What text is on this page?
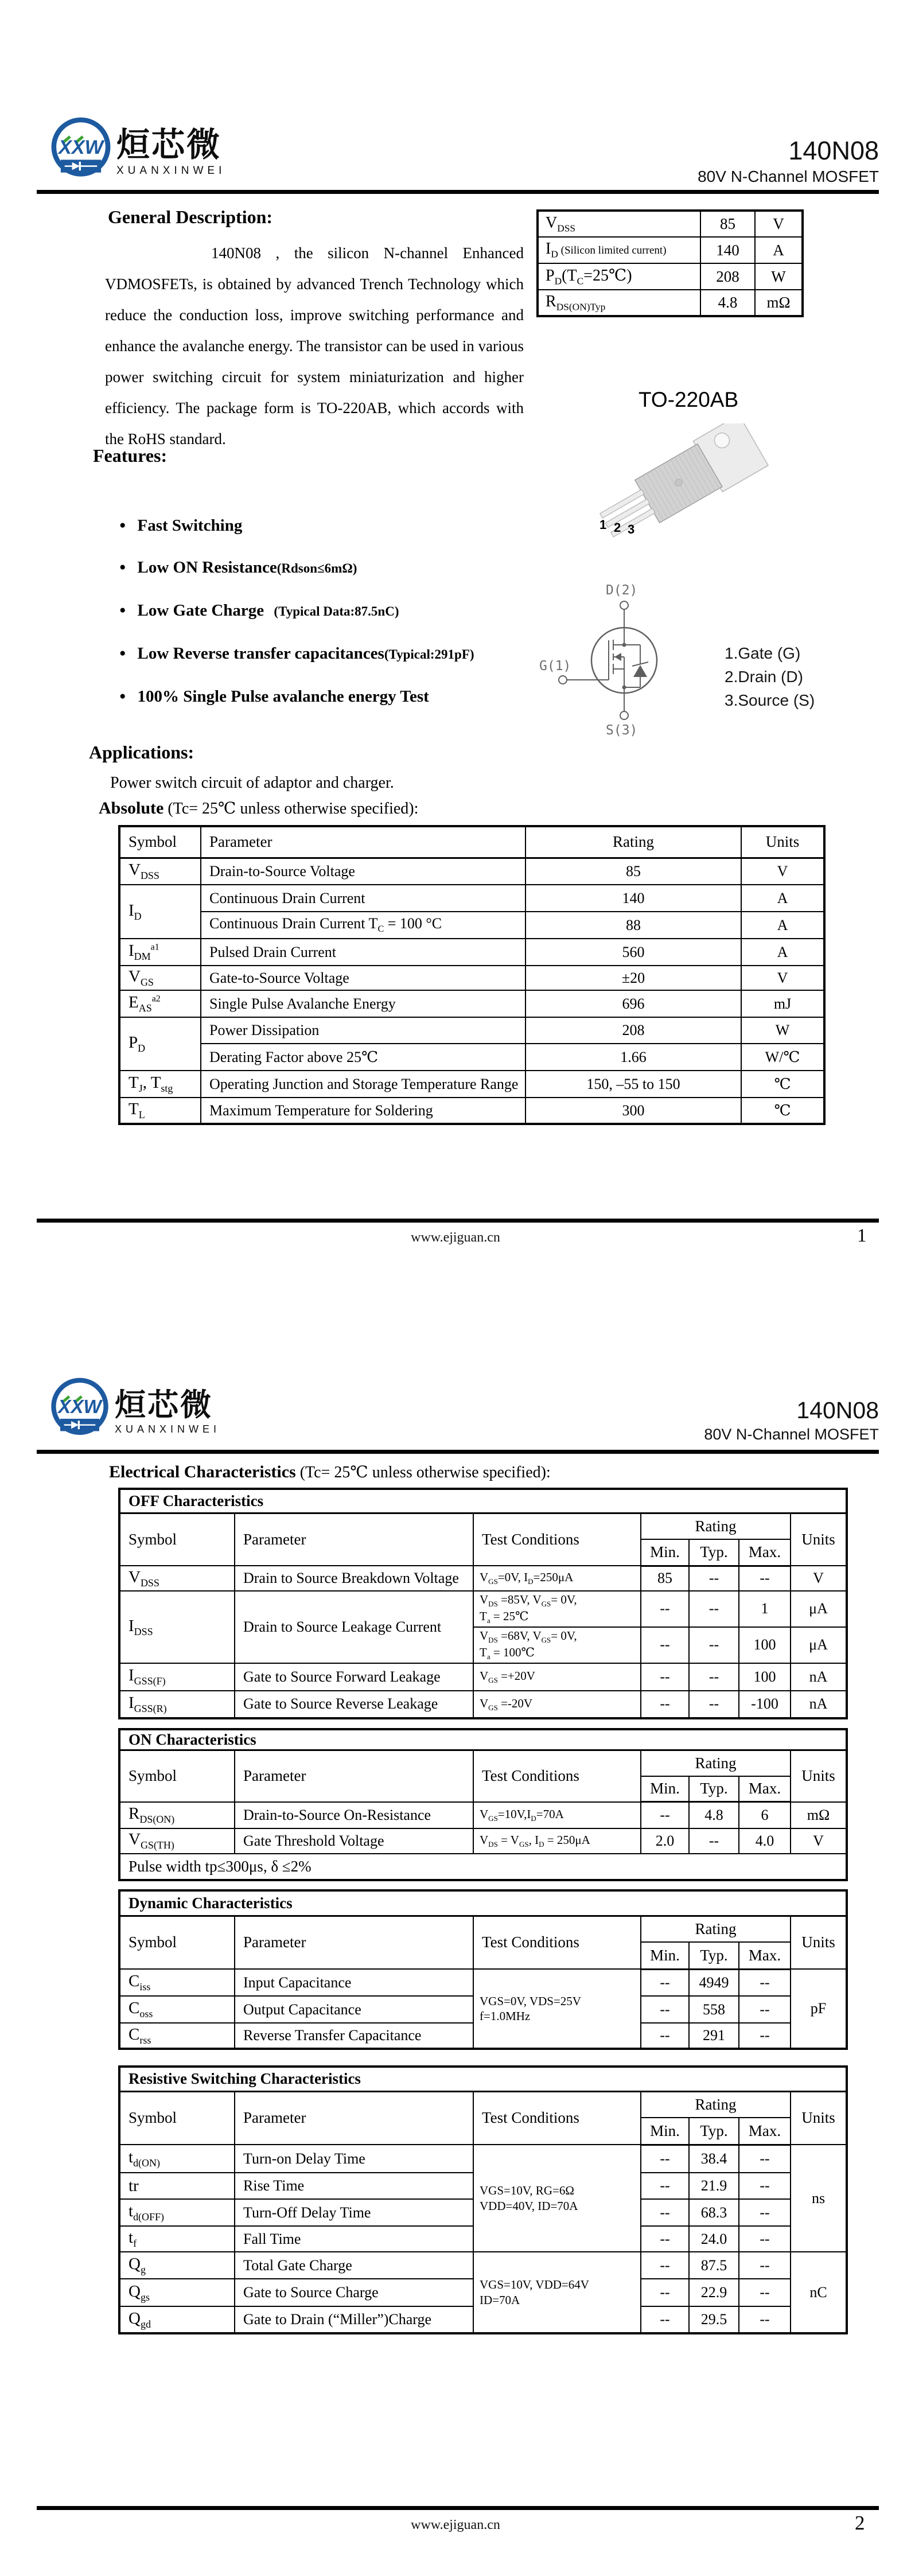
XXW 烜芯微
XUANXINWEI
140N08
80V N-Channel MOSFET
General Description:
140N08 , the silicon N-channel Enhanced VDMOSFETs, is obtained by advanced Trench Technology which reduce the conduction loss, improve switching performance and enhance the avalanche energy. The transistor can be used in various power switching circuit for system miniaturization and higher efficiency. The package form is TO-220AB, which accords with the RoHS standard.
$V_{DSS}$	85	V
$I_D$ (Silicon limited current)	140	A
$P_D(T_C=25℃)$	208	W
$R_{DS(ON)Typ}$	4.8	mΩ
TO-220AB
1 2 3
Features:
● Fast Switching
● Low ON Resistance(Rdson≤6mΩ)
● Low Gate Charge   (Typical Data:87.5nC)
● Low Reverse transfer capacitances(Typical:291pF)
● 100% Single Pulse avalanche energy Test
D(2)
G(1)
S(3)
1.Gate (G)
2.Drain (D)
3.Source (S)
Applications:
Power switch circuit of adaptor and charger.
Absolute (Tc= 25℃ unless otherwise specified):
Symbol	Parameter	Rating	Units
$V_{DSS}$	Drain-to-Source Voltage	85	V
$I_D$	Continuous Drain Current	140	A
	Continuous Drain Current $T_C = 100$ °C	88	A
$I_{DM}^{a1}$	Pulsed Drain Current	560	A
$V_{GS}$	Gate-to-Source Voltage	±20	V
$E_{AS}^{a2}$	Single Pulse Avalanche Energy	696	mJ
$P_D$	Power Dissipation	208	W
	Derating Factor above 25℃	1.66	W/℃
$T_J$, $T_{stg}$	Operating Junction and Storage Temperature Range	150, –55 to 150	℃
$T_L$	Maximum Temperature for Soldering	300	℃
www.ejiguan.cn	1
XXW 烜芯微
XUANXINWEI
140N08
80V N-Channel MOSFET
Electrical Characteristics (Tc= 25℃ unless otherwise specified):
OFF Characteristics						
Symbol	Parameter	Test Conditions	Rating			Units
			Min.	Typ.	Max.	
$V_{DSS}$	Drain to Source Breakdown Voltage	$V_{GS}=0V$, $I_D=250\mu A$	85	--	--	V
$I_{DSS}$	Drain to Source Leakage Current	$V_{DS} =85V$, $V_{GS}= 0V$,
$T_a$ = 25℃	--	--	1	μA
		$V_{DS} =68V$, $V_{GS}= 0V$,
$T_a$ = 100℃	--	--	100	μA
$I_{GSS(F)}$	Gate to Source Forward Leakage	$V_{GS} =+20V$	--	--	100	nA
$I_{GSS(R)}$	Gate to Source Reverse Leakage	$V_{GS} =-20V$	--	--	-100	nA
ON Characteristics						
Symbol	Parameter	Test Conditions	Rating			Units
			Min.	Typ.	Max.	
$R_{DS(ON)}$	Drain-to-Source On-Resistance	$V_{GS}=10V,I_D=70A$	--	4.8	6	mΩ
$V_{GS(TH)}$	Gate Threshold Voltage	$V_{DS} = V_{GS}$, $I_D = 250\mu A$	2.0	--	4.0	V
Pulse width tp≤300μs, δ ≤2%						
Dynamic Characteristics						
Symbol	Parameter	Test Conditions	Rating			Units
			Min.	Typ.	Max.	
$C_{iss}$	Input Capacitance	VGS=0V, VDS=25V
f=1.0MHz	--	4949	--	pF
$C_{oss}$	Output Capacitance		--	558	--	
$C_{rss}$	Reverse Transfer Capacitance		--	291	--	
Resistive Switching Characteristics						
Symbol	Parameter	Test Conditions	Rating			Units
			Min.	Typ.	Max.	
$t_{d(ON)}$	Turn-on Delay Time	VGS=10V, RG=6Ω
VDD=40V, ID=70A	--	38.4	--	ns
tr	Rise Time		--	21.9	--	
$t_{d(OFF)}$	Turn-Off Delay Time		--	68.3	--	
$t_f$	Fall Time		--	24.0	--	
$Q_g$	Total Gate Charge	VGS=10V, VDD=64V
ID=70A	--	87.5	--	nC
$Q_{gs}$	Gate to Source Charge		--	22.9	--	
$Q_{gd}$	Gate to Drain (“Miller”)Charge		--	29.5	--	
www.ejiguan.cn	2
